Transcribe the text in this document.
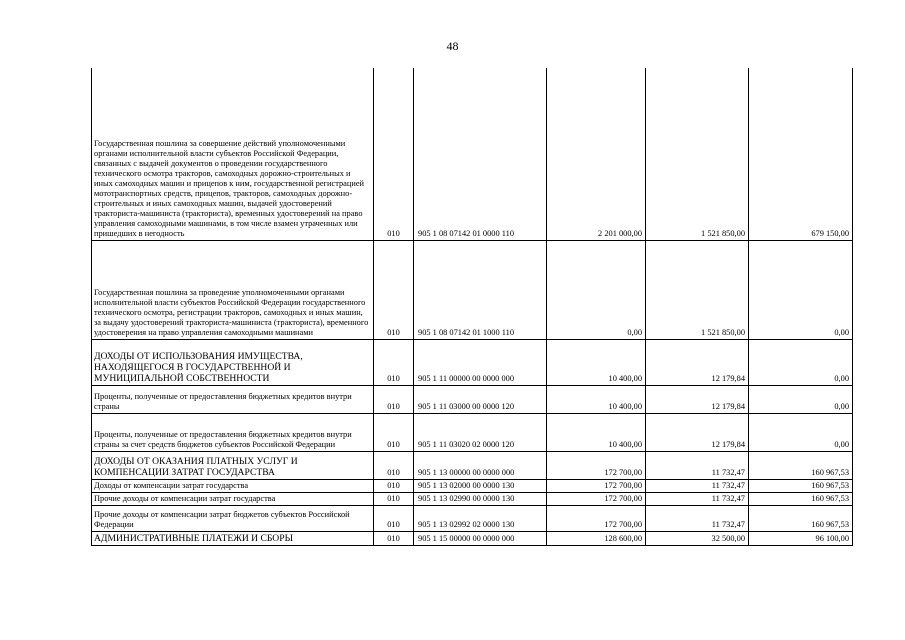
48
Государственная пошлина за совершение действий уполномоченными органами исполнительной власти субъектов Российской Федерации, связанных с выдачей документов о проведении государственного технического осмотра тракторов, самоходных дорожно-строительных и иных самоходных машин и прицепов к ним, государственной регистрацией мототранспортных средств, прицепов, тракторов, самоходных дорожно-строительных и иных самоходных машин, выдачей удостоверений тракториста-машиниста (тракториста), временных удостоверений на право управления самоходными машинами, в том числе взамен утраченных или пришедших в негодность	010	905 1 08 07142 01 0000 110	2 201 000,00	1 521 850,00	679 150,00
Государственная пошлина за проведение уполномоченными органами исполнительной власти субъектов Российской Федерации государственного технического осмотра, регистрации тракторов, самоходных и иных машин, за выдачу удостоверений тракториста-машиниста (тракториста), временного удостоверения на право управления самоходными машинами	010	905 1 08 07142 01 1000 110	0,00	1 521 850,00	0,00
ДОХОДЫ ОТ ИСПОЛЬЗОВАНИЯ ИМУЩЕСТВА, НАХОДЯЩЕГОСЯ В ГОСУДАРСТВЕННОЙ И МУНИЦИПАЛЬНОЙ СОБСТВЕННОСТИ	010	905 1 11 00000 00 0000 000	10 400,00	12 179,84	0,00
Проценты, полученные от предоставления бюджетных кредитов внутри страны	010	905 1 11 03000 00 0000 120	10 400,00	12 179,84	0,00
Проценты, полученные от предоставления бюджетных кредитов внутри страны за счет средств бюджетов субъектов Российской Федерации	010	905 1 11 03020 02 0000 120	10 400,00	12 179,84	0,00
ДОХОДЫ ОТ ОКАЗАНИЯ ПЛАТНЫХ УСЛУГ И КОМПЕНСАЦИИ ЗАТРАТ ГОСУДАРСТВА	010	905 1 13 00000 00 0000 000	172 700,00	11 732,47	160 967,53
Доходы от компенсации затрат государства	010	905 1 13 02000 00 0000 130	172 700,00	11 732,47	160 967,53
Прочие доходы от компенсации затрат государства	010	905 1 13 02990 00 0000 130	172 700,00	11 732,47	160 967,53
Прочие доходы от компенсации затрат бюджетов субъектов Российской Федерации	010	905 1 13 02992 02 0000 130	172 700,00	11 732,47	160 967,53
АДМИНИСТРАТИВНЫЕ ПЛАТЕЖИ И СБОРЫ	010	905 1 15 00000 00 0000 000	128 600,00	32 500,00	96 100,00
